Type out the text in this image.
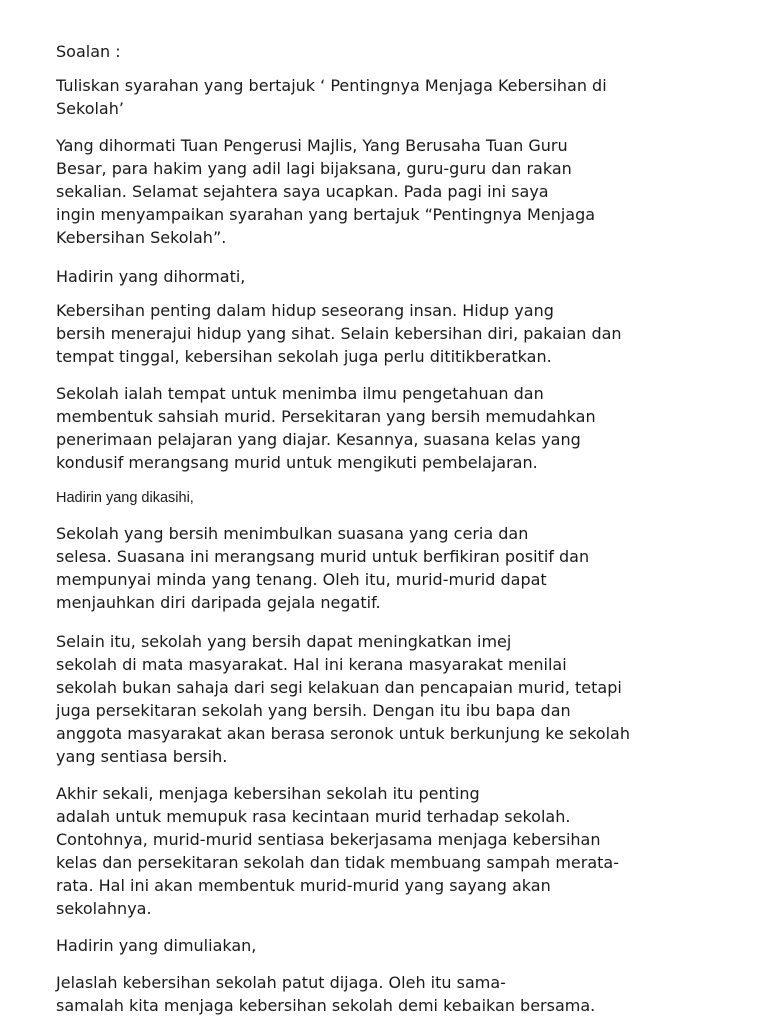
Soalan :

Tuliskan syarahan yang bertajuk ‘ Pentingnya Menjaga Kebersihan di
Sekolah’

Yang dihormati Tuan Pengerusi Majlis, Yang Berusaha Tuan Guru
Besar, para hakim yang adil lagi bijaksana, guru-guru dan rakan
sekalian. Selamat sejahtera saya ucapkan. Pada pagi ini saya
ingin menyampaikan syarahan yang bertajuk “Pentingnya Menjaga
Kebersihan Sekolah”.

Hadirin yang dihormati,

Kebersihan penting dalam hidup seseorang insan. Hidup yang
bersih menerajui hidup yang sihat. Selain kebersihan diri, pakaian dan
tempat tinggal, kebersihan sekolah juga perlu dititikberatkan.

Sekolah ialah tempat untuk menimba ilmu pengetahuan dan
membentuk sahsiah murid. Persekitaran yang bersih memudahkan
penerimaan pelajaran yang diajar. Kesannya, suasana kelas yang
kondusif merangsang murid untuk mengikuti pembelajaran.

Hadirin yang dikasihi,

Sekolah yang bersih menimbulkan suasana yang ceria dan
selesa. Suasana ini merangsang murid untuk berfikiran positif dan
mempunyai minda yang tenang. Oleh itu, murid-murid dapat
menjauhkan diri daripada gejala negatif.

Selain itu, sekolah yang bersih dapat meningkatkan imej
sekolah di mata masyarakat. Hal ini kerana masyarakat menilai
sekolah bukan sahaja dari segi kelakuan dan pencapaian murid, tetapi
juga persekitaran sekolah yang bersih. Dengan itu ibu bapa dan
anggota masyarakat akan berasa seronok untuk berkunjung ke sekolah
yang sentiasa bersih.

Akhir sekali, menjaga kebersihan sekolah itu penting
adalah untuk memupuk rasa kecintaan murid terhadap sekolah.
Contohnya, murid-murid sentiasa bekerjasama menjaga kebersihan
kelas dan persekitaran sekolah dan tidak membuang sampah merata-
rata. Hal ini akan membentuk murid-murid yang sayang akan
sekolahnya.

Hadirin yang dimuliakan,

Jelaslah kebersihan sekolah patut dijaga. Oleh itu sama-
samalah kita menjaga kebersihan sekolah demi kebaikan bersama.
